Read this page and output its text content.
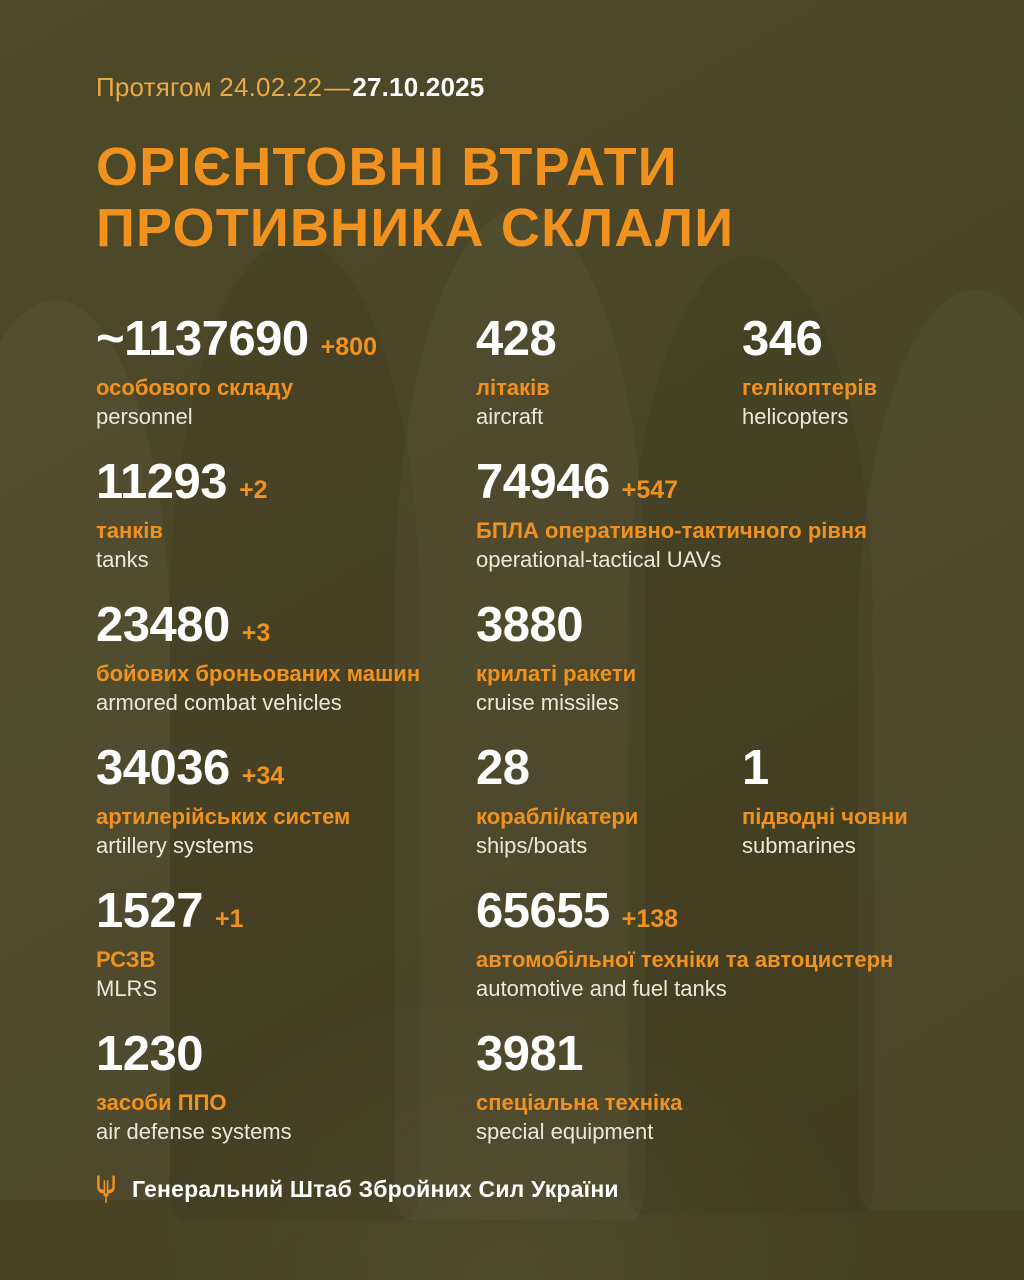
Протягом 24.02.22—27.10.2025
ОРІЄНТОВНІ ВТРАТИ
ПРОТИВНИКА СКЛАЛИ
~1137690 +800
особового складу
personnel
428
літаків
aircraft
346
гелікоптерів
helicopters
11293 +2
танків
tanks
74946 +547
БПЛА оперативно-тактичного рівня
operational-tactical UAVs
23480 +3
бойових броньованих машин
armored combat vehicles
3880
крилаті ракети
cruise missiles
34036 +34
артилерійських систем
artillery systems
28
кораблі/катери
ships/boats
1
підводні човни
submarines
1527 +1
РСЗВ
MLRS
65655 +138
автомобільної техніки та автоцистерн
automotive and fuel tanks
1230
засоби ППО
air defense systems
3981
спеціальна техніка
special equipment
Генеральний Штаб Збройних Сил України
